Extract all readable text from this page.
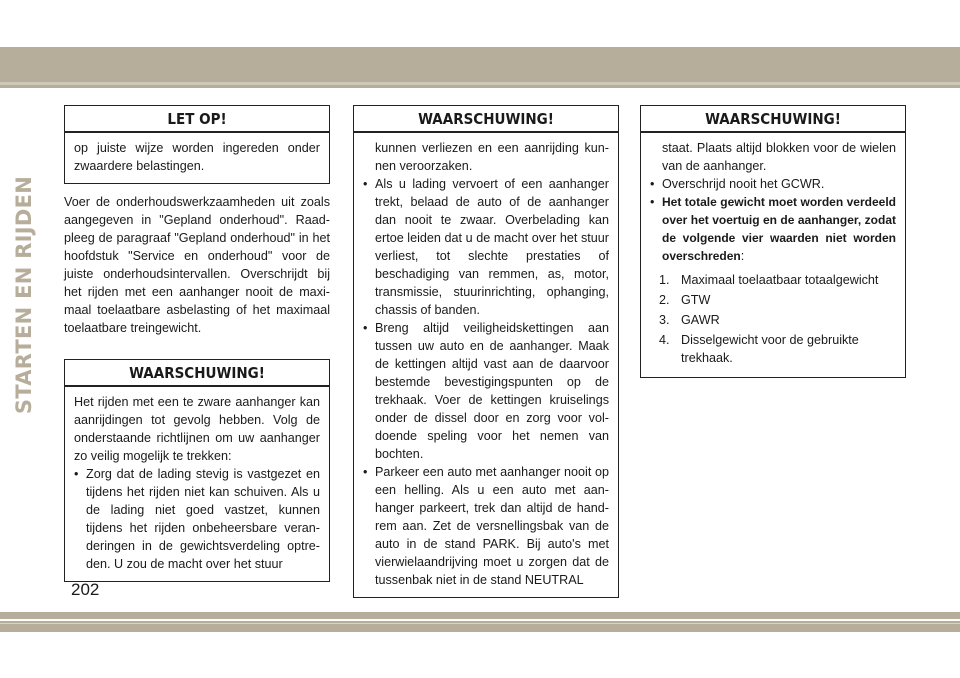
STARTEN EN RIJDEN
LET OP!
op juiste wijze worden ingereden onder zwaardere belastingen.

Voer de onderhoudswerkzaamheden uit zoals aangegeven in "Gepland onderhoud". Raadpleeg de paragraaf "Gepland onderhoud" in het hoofdstuk "Service en onderhoud" voor de juiste onderhoudsintervallen. Overschrijdt bij het rijden met een aanhanger nooit de maximaal toelaatbare asbelasting of het maximaal toelaatbare treingewicht.

WAARSCHUWING!

Het rijden met een te zware aanhanger kan aanrijdingen tot gevolg hebben. Volg de onderstaande richtlijnen om uw aanhanger zo veilig mogelijk te trekken:

• Zorg dat de lading stevig is vastgezet en tijdens het rijden niet kan schuiven. Als u de lading niet goed vastzet, kunnen tijdens het rijden onbeheersbare veranderingen in de gewichtsverdeling optreden. U zou de macht over het stuur
WAARSCHUWING!

kunnen verliezen en een aanrijding kunnen veroorzaken.

• Als u lading vervoert of een aanhanger trekt, belaad de auto of de aanhanger dan nooit te zwaar. Overbelading kan ertoe leiden dat u de macht over het stuur verliest, tot slechte prestaties of beschadiging van remmen, as, motor, transmissie, stuurinrichting, ophanging, chassis of banden.
• Breng altijd veiligheidskettingen aan tussen uw auto en de aanhanger. Maak de kettingen altijd vast aan de daarvoor bestemde bevestigingspunten op de trekhaak. Voer de kettingen kruiselings onder de dissel door en zorg voor voldoende speling voor het nemen van bochten.
• Parkeer een auto met aanhanger nooit op een helling. Als u een auto met aanhanger parkeert, trek dan altijd de handrem aan. Zet de versnellingsbak van de auto in de stand PARK. Bij auto's met vierwielaandrijving moet u zorgen dat de tussenbak niet in de stand NEUTRAL
WAARSCHUWING!

staat. Plaats altijd blokken voor de wielen van de aanhanger.

• Overschrijd nooit het GCWR.
• Het totale gewicht moet worden verdeeld over het voertuig en de aanhanger, zodat de volgende vier waarden niet worden overschreden:
1. Maximaal toelaatbaar totaalgewicht
2. GTW
3. GAWR
4. Disselgewicht voor de gebruikte trekhaak.
202
